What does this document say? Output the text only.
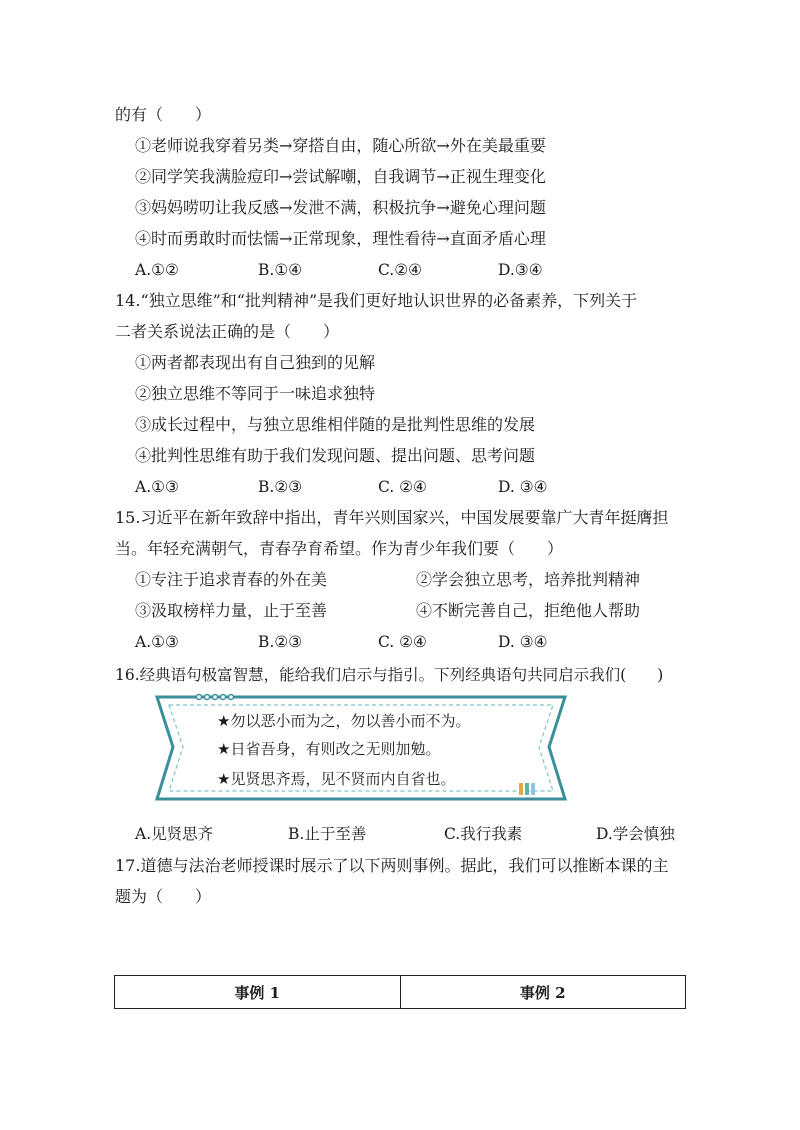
的有（　　）
①老师说我穿着另类→穿搭自由，随心所欲→外在美最重要
②同学笑我满脸痘印→尝试解嘲，自我调节→正视生理变化
③妈妈唠叨让我反感→发泄不满，积极抗争→避免心理问题
④时而勇敢时而怯懦→正常现象，理性看待→直面矛盾心理
A.①②	B.①④	C.②④	D.③④
14.“独立思维”和“批判精神”是我们更好地认识世界的必备素养，下列关于
二者关系说法正确的是（　　）
①两者都表现出有自己独到的见解
②独立思维不等同于一味追求独特
③成长过程中，与独立思维相伴随的是批判性思维的发展
④批判性思维有助于我们发现问题、提出问题、思考问题
A.①③	B.②③	C. ②④	D. ③④
15.习近平在新年致辞中指出，青年兴则国家兴，中国发展要靠广大青年挺膺担
当。年轻充满朝气，青春孕育希望。作为青少年我们要（　　）
①专注于追求青春的外在美	②学会独立思考，培养批判精神
③汲取榜样力量，止于至善	④不断完善自己，拒绝他人帮助
A.①③	B.②③	C. ②④	D. ③④
16.经典语句极富智慧，能给我们启示与指引。下列经典语句共同启示我们(　　)
★勿以恶小而为之，勿以善小而不为。
★日省吾身，有则改之无则加勉。
★见贤思齐焉，见不贤而内自省也。
A.见贤思齐	B.止于至善	C.我行我素	D.学会慎独
17.道德与法治老师授课时展示了以下两则事例。据此，我们可以推断本课的主
题为（　　）
事例 1	事例 2
